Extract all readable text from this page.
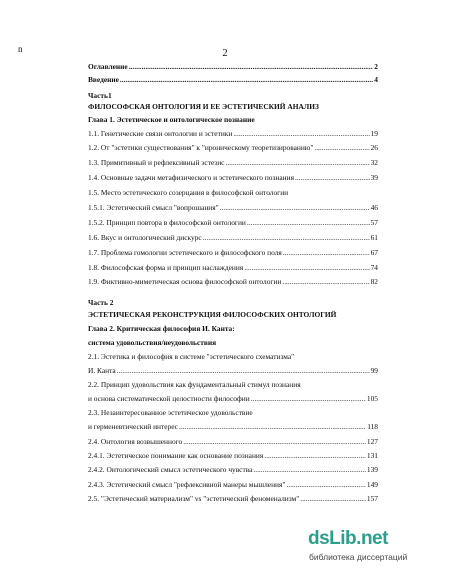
n	2
Оглавление .....	2
Введение .....	4
Часть1
ФИЛОСОФСКАЯ ОНТОЛОГИЯ И ЕЕ ЭСТЕТИЧЕСКИЙ АНАЛИЗ
Глава 1. Эстетическое и онтологическое познание
1.1. Генетические связи онтологии и эстетики .....	19
1.2. От "эстетики существования" к "ироническому теоретизированию" .....	26
1.3. Примитивный и рефлексивный эстезис .....	32
1.4. Основные задачи метафизического и эстетического познания .....	39
1.5. Место эстетического созерцания в философской онтологии
1.5.1. Эстетический смысл "вопрошания" .....	46
1.5.2. Принцип повтора в философской онтологии .....	57
1.6. Вкус и онтологический дискурс .....	61
1.7. Проблема гомологии эстетического и философского поля .....	67
1.8. Философская форма и принцип наслаждения .....	74
1.9. Фиктивно-миметическая основа философской онтологии .....	82
Часть 2
ЭСТЕТИЧЕСКАЯ РЕКОНСТРУКЦИЯ ФИЛОСОФСКИХ ОНТОЛОГИЙ
Глава 2. Критическая философия И. Канта:
система удовольствия/неудовольствия
2.1. Эстетика и философия в системе "эстетического схематизма"
И. Канта .....	99
2.2. Принцип удовольствия как фундаментальный стимул познания
и основа систематической целостности философии .....	105
2.3. Незаинтересованное эстетическое удовольствие
и герменевтический интерес .....	118
2.4. Онтология возвышенного .....	127
2.4.1. Эстетическое понимание как основание познания .....	131
2.4.2. Онтологический смысл эстетического чувства .....	139
2.4.3. Эстетический смысл "рефлексивной манеры мышления" .....	149
2.5. "Эстетический материализм" vs "эстетический феноменализм" .....	157
dsLib.net
библиотека диссертаций
